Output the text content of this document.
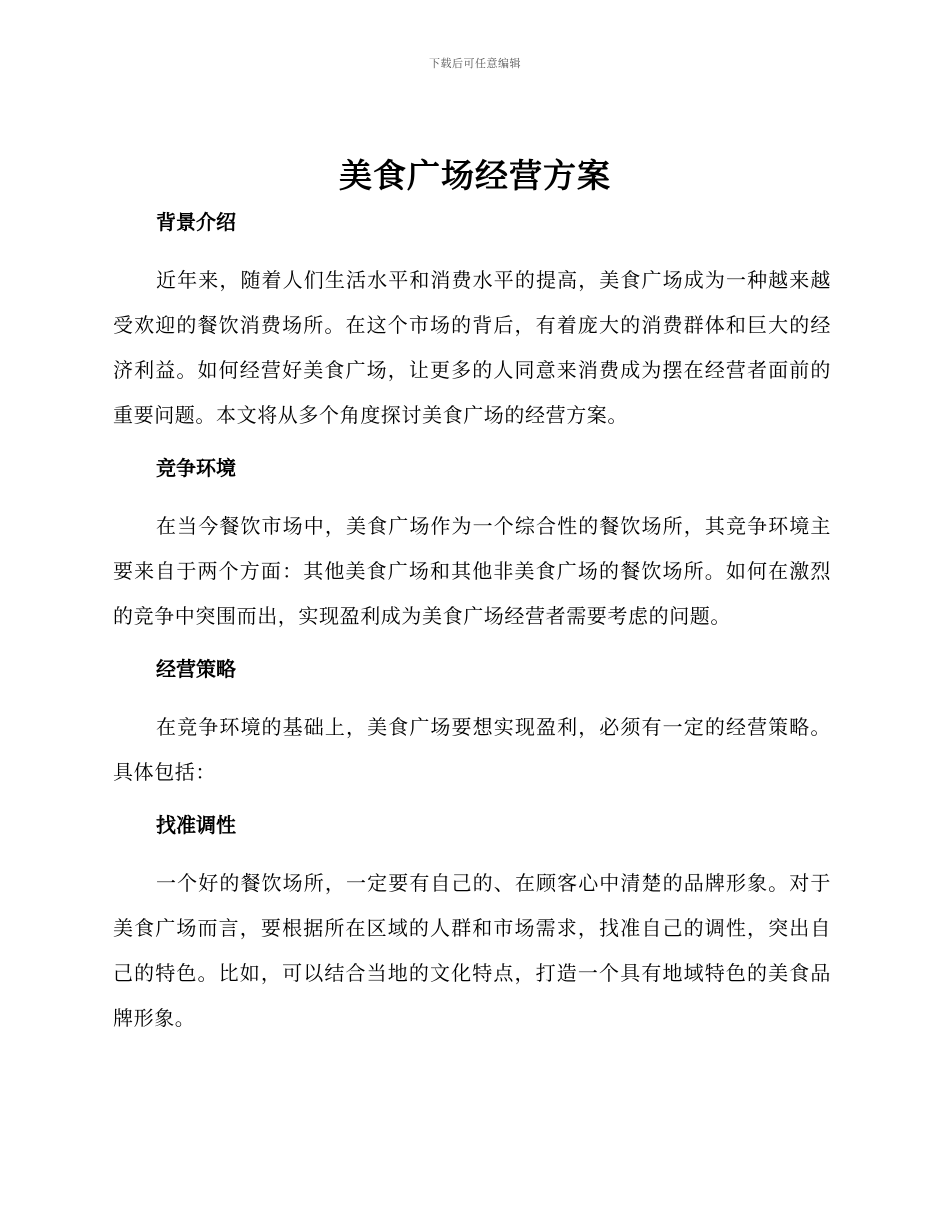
下载后可任意编辑
美食广场经营方案
背景介绍

近年来，随着人们生活水平和消费水平的提高，美食广场成为一种越来越受欢迎的餐饮消费场所。在这个市场的背后，有着庞大的消费群体和巨大的经济利益。如何经营好美食广场，让更多的人同意来消费成为摆在经营者面前的重要问题。本文将从多个角度探讨美食广场的经营方案。

竞争环境

在当今餐饮市场中，美食广场作为一个综合性的餐饮场所，其竞争环境主要来自于两个方面：其他美食广场和其他非美食广场的餐饮场所。如何在激烈的竞争中突围而出，实现盈利成为美食广场经营者需要考虑的问题。

经营策略

在竞争环境的基础上，美食广场要想实现盈利，必须有一定的经营策略。具体包括：

找准调性

一个好的餐饮场所，一定要有自己的、在顾客心中清楚的品牌形象。对于美食广场而言，要根据所在区域的人群和市场需求，找准自己的调性，突出自己的特色。比如，可以结合当地的文化特点，打造一个具有地域特色的美食品牌形象。
